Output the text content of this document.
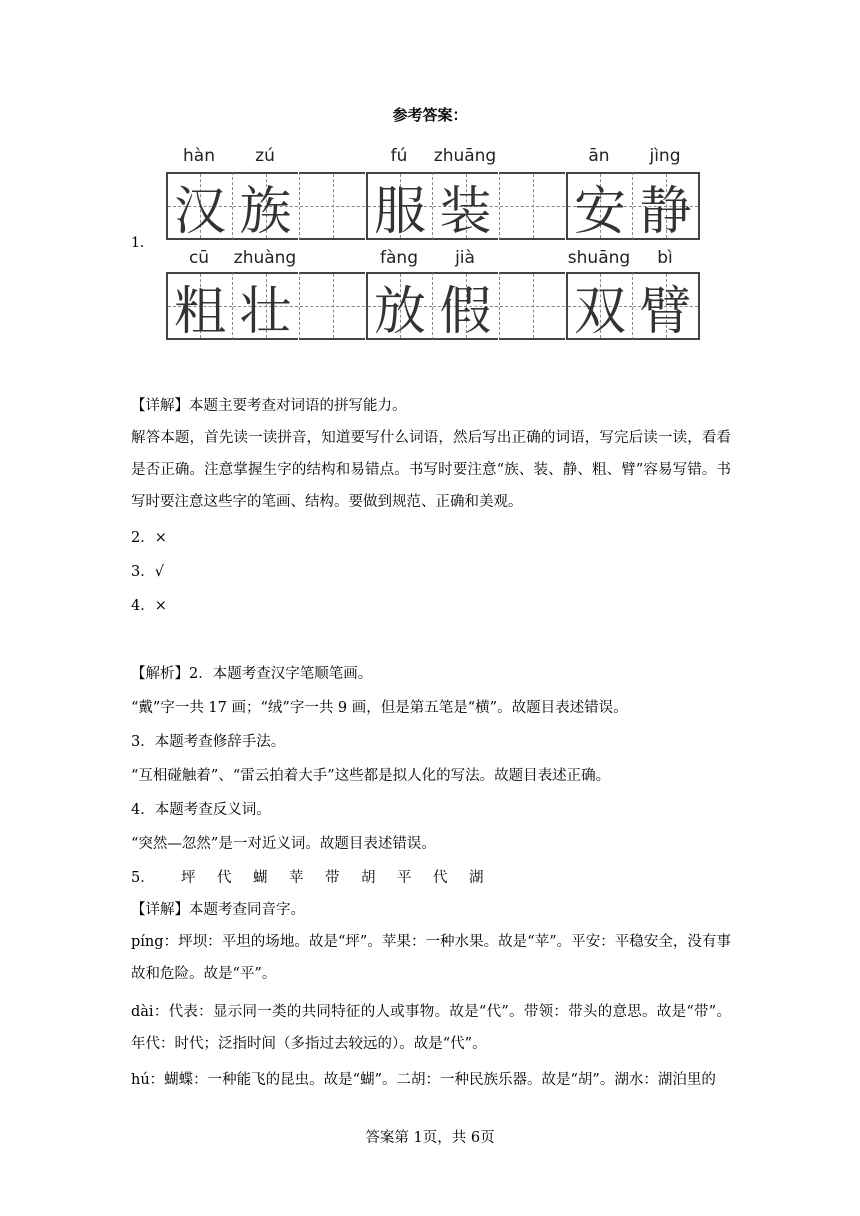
参考答案：
1．
hàn	zú	fú	zhuāng	ān	jìng
汉 族 服 装 安 静
cū	zhuàng	fàng	jià	shuāng	bì
粗 壮 放 假 双 臂
【详解】本题主要考查对词语的拼写能力。
解答本题，首先读一读拼音，知道要写什么词语，然后写出正确的词语，写完后读一读，看看是否正确。注意掌握生字的结构和易错点。书写时要注意“族、装、静、粗、臂”容易写错。书写时要注意这些字的笔画、结构。要做到规范、正确和美观。
2．×
3．√
4．×
【解析】2．本题考查汉字笔顺笔画。
“戴”字一共 17 画；“绒”字一共 9 画，但是第五笔是“横”。故题目表述错误。
3．本题考查修辞手法。
“互相碰触着”、“雷云拍着大手”这些都是拟人化的写法。故题目表述正确。
4．本题考查反义词。
“突然—忽然”是一对近义词。故题目表述错误。
5． 坪 代 蝴 苹 带 胡 平 代 湖
【详解】本题考查同音字。
píng：坪坝：平坦的场地。故是“坪”。苹果：一种水果。故是“苹”。平安：平稳安全，没有事故和危险。故是“平”。
dài：代表：显示同一类的共同特征的人或事物。故是“代”。带领：带头的意思。故是“带”。年代：时代；泛指时间（多指过去较远的）。故是“代”。
hú：蝴蝶：一种能飞的昆虫。故是“蝴”。二胡：一种民族乐器。故是“胡”。湖水：湖泊里的
答案第 1页，共 6页
